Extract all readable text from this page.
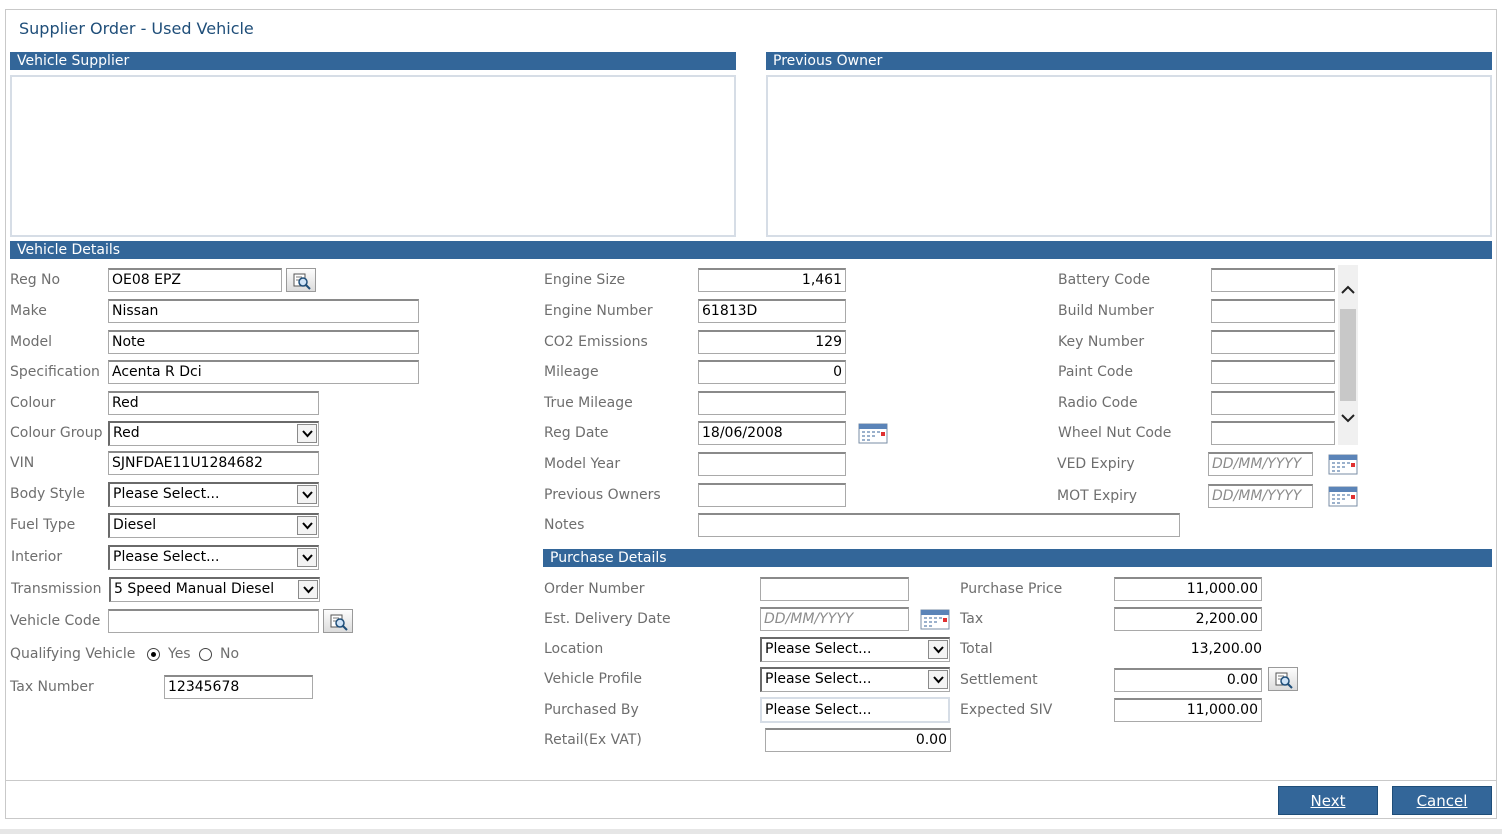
Supplier Order - Used Vehicle
Vehicle Supplier	Previous Owner
Vehicle Details
Reg No	OE08 EPZ
Make	Nissan
Model	Note
Specification Acenta R Dci
Colour	Red
Colour Group Red
VIN	SJNFDAE11U1284682
Body Style	Please Select...
Fuel Type	Diesel
Interior	Please Select...
Transmission 5 Speed Manual Diesel
Vehicle Code
Qualifying Vehicle Yes No
Tax Number	12345678
Engine Size	1,461
Engine Number	61813D
CO2 Emissions	129
Mileage	0
True Mileage
Reg Date	18/06/2008
Model Year
Previous Owners
Notes
Battery Code
Build Number
Key Number
Paint Code
Radio Code
Wheel Nut Code
VED Expiry	DD/MM/YYYY
MOT Expiry	DD/MM/YYYY
Purchase Details
Order Number
Est. Delivery Date	DD/MM/YYYY
Location	Please Select...
Vehicle Profile	Please Select...
Purchased By	Please Select...
Retail(Ex VAT)	0.00
Purchase Price	11,000.00
Tax	2,200.00
Total	13,200.00
Settlement	0.00
Expected SIV	11,000.00
Next	Cancel
